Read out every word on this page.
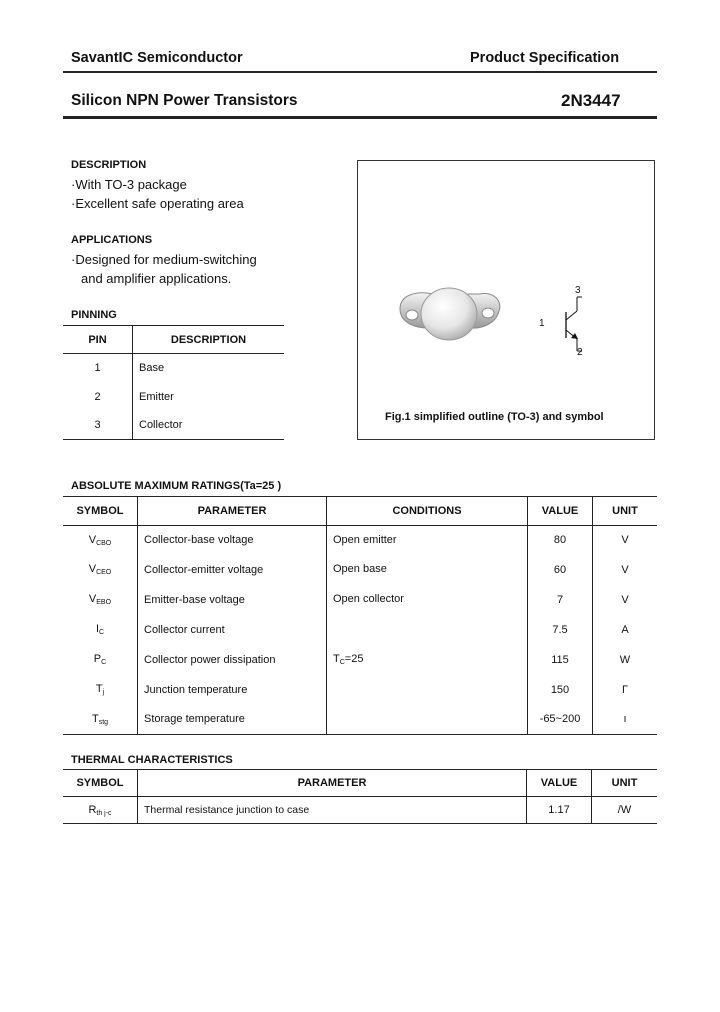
SavantIC Semiconductor	Product Specification
Silicon NPN Power Transistors	2N3447
DESCRIPTION
·With TO-3 package
·Excellent safe operating area
APPLICATIONS
·Designed for medium-switching
and amplifier applications.
PINNING
PIN	DESCRIPTION
1	Base
2	Emitter
3	Collector
3
1
2
Fig.1 simplified outline (TO-3) and symbol
ABSOLUTE MAXIMUM RATINGS(Ta=25 )
SYMBOL	PARAMETER	CONDITIONS	VALUE	UNIT
$V_{CBO}$	Collector-base voltage	Open emitter	80	V
$V_{CEO}$	Collector-emitter voltage	Open base	60	V
$V_{EBO}$	Emitter-base voltage	Open collector	7	V
$I_C$	Collector current		7.5	A
$P_C$	Collector power dissipation	$T_C=25$	115	W
$T_j$	Junction temperature		150	Γ
$T_{stg}$	Storage temperature		-65~200	ı
THERMAL CHARACTERISTICS
SYMBOL	PARAMETER	VALUE	UNIT
$R_{th j-c}$	Thermal resistance junction to case	1.17	/W
